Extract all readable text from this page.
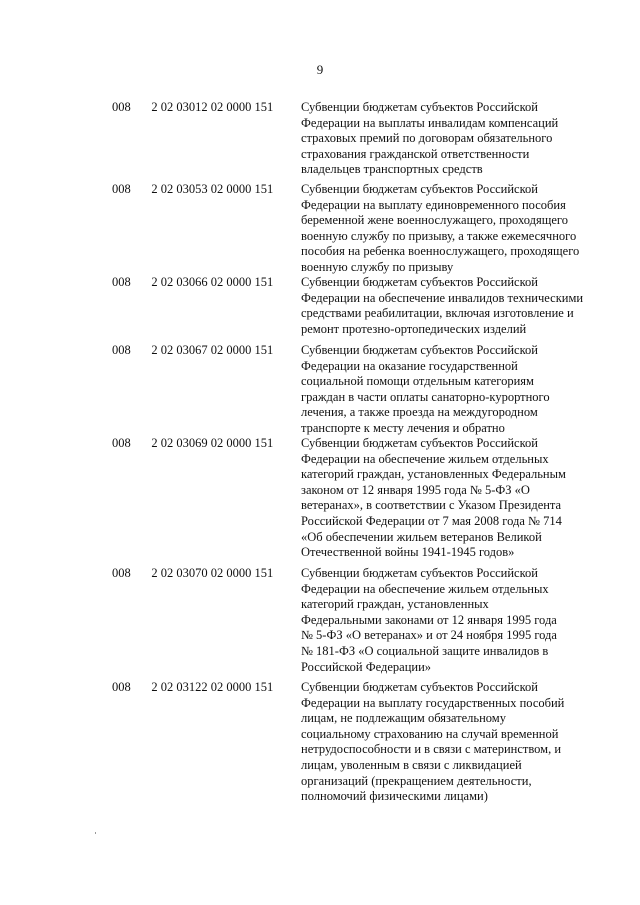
9
008 2 02 03012 02 0000 151 Субвенции бюджетам субъектов Российской
Федерации на выплаты инвалидам компенсаций
страховых премий по договорам обязательного
страхования гражданской ответственности
владельцев транспортных средств
008 2 02 03053 02 0000 151 Субвенции бюджетам субъектов Российской
Федерации на выплату единовременного пособия
беременной жене военнослужащего, проходящего
военную службу по призыву, а также ежемесячного
пособия на ребенка военнослужащего, проходящего
военную службу по призыву
008 2 02 03066 02 0000 151 Субвенции бюджетам субъектов Российской
Федерации на обеспечение инвалидов техническими
средствами реабилитации, включая изготовление и
ремонт протезно-ортопедических изделий
008 2 02 03067 02 0000 151 Субвенции бюджетам субъектов Российской
Федерации на оказание государственной
социальной помощи отдельным категориям
граждан в части оплаты санаторно-курортного
лечения, а также проезда на междугородном
транспорте к месту лечения и обратно
008 2 02 03069 02 0000 151 Субвенции бюджетам субъектов Российской
Федерации на обеспечение жильем отдельных
категорий граждан, установленных Федеральным
законом от 12 января 1995 года № 5-ФЗ «О
ветеранах», в соответствии с Указом Президента
Российской Федерации от 7 мая 2008 года № 714
«Об обеспечении жильем ветеранов Великой
Отечественной войны 1941-1945 годов»
008 2 02 03070 02 0000 151 Субвенции бюджетам субъектов Российской
Федерации на обеспечение жильем отдельных
категорий граждан, установленных
Федеральными законами от 12 января 1995 года
№ 5-ФЗ «О ветеранах» и от 24 ноября 1995 года
№ 181-ФЗ «О социальной защите инвалидов в
Российской Федерации»
008 2 02 03122 02 0000 151 Субвенции бюджетам субъектов Российской
Федерации на выплату государственных пособий
лицам, не подлежащим обязательному
социальному страхованию на случай временной
нетрудоспособности и в связи с материнством, и
лицам, уволенным в связи с ликвидацией
организаций (прекращением деятельности,
полномочий физическими лицами)
